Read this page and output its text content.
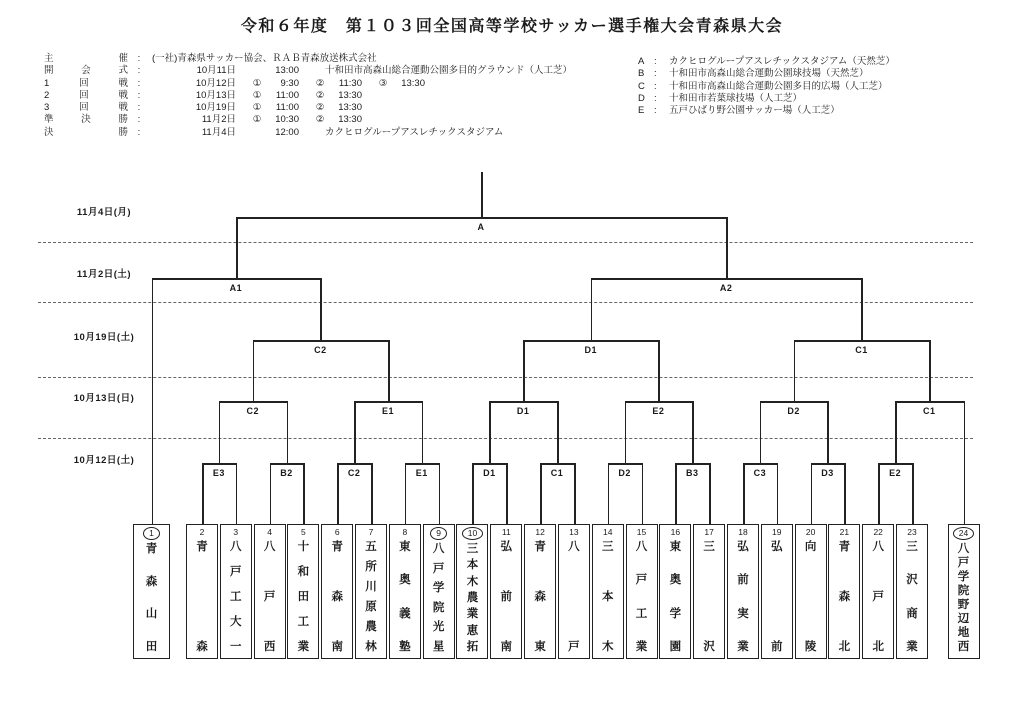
令和６年度　第１０３回全国高等学校サッカー選手権大会青森県大会
主催	:	(一社)青森県サッカー協会、ＲＡＢ青森放送株式会社
開会式	:	10月11日	13:00	十和田市高森山総合運動公園多目的グラウンド（人工芝）
1回戦	:	10月12日	①	9:30	②	11:30	③	13:30
2回戦	:	10月13日	①	11:00	②	13:30
3回戦	:	10月19日	①	11:00	②	13:30
準決勝	:	11月2日	①	10:30	②	13:30
決勝	:	11月4日	12:00	カクヒログループアスレチックスタジアム
A : カクヒログループアスレチックスタジアム（天然芝）
B : 十和田市高森山総合運動公園球技場（天然芝）
C : 十和田市高森山総合運動公園多目的広場（人工芝）
D : 十和田市若葉球技場（人工芝）
E : 五戸ひばり野公園サッカー場（人工芝）
11月4日(月)
11月2日(土)
10月19日(土)
10月13日(日)
10月12日(土)
E3	B2	C2	E1	D1	C1	D2	B3	C3	D3	E2
C2	E1	D1	E2	D2	C1
C2	D1	C1
A1	A2
A
1
青
森
山
田
2
青
森
3
八
戸
工
大
一
4
八
戸
西
5
十
和
田
工
業
6
青
森
南
7
五
所
川
原
農
林
8
東
奥
義
塾
9
八
戸
学
院
光
星
10
三
本
木
農
業
恵
拓
11
弘
前
南
12
青
森
東
13
八
戸
14
三
本
木
15
八
戸
工
業
16
東
奥
学
園
17
三
沢
18
弘
前
実
業
19
弘
前
20
向
陵
21
青
森
北
22
八
戸
北
23
三
沢
商
業
24
八
戸
学
院
野
辺
地
西
